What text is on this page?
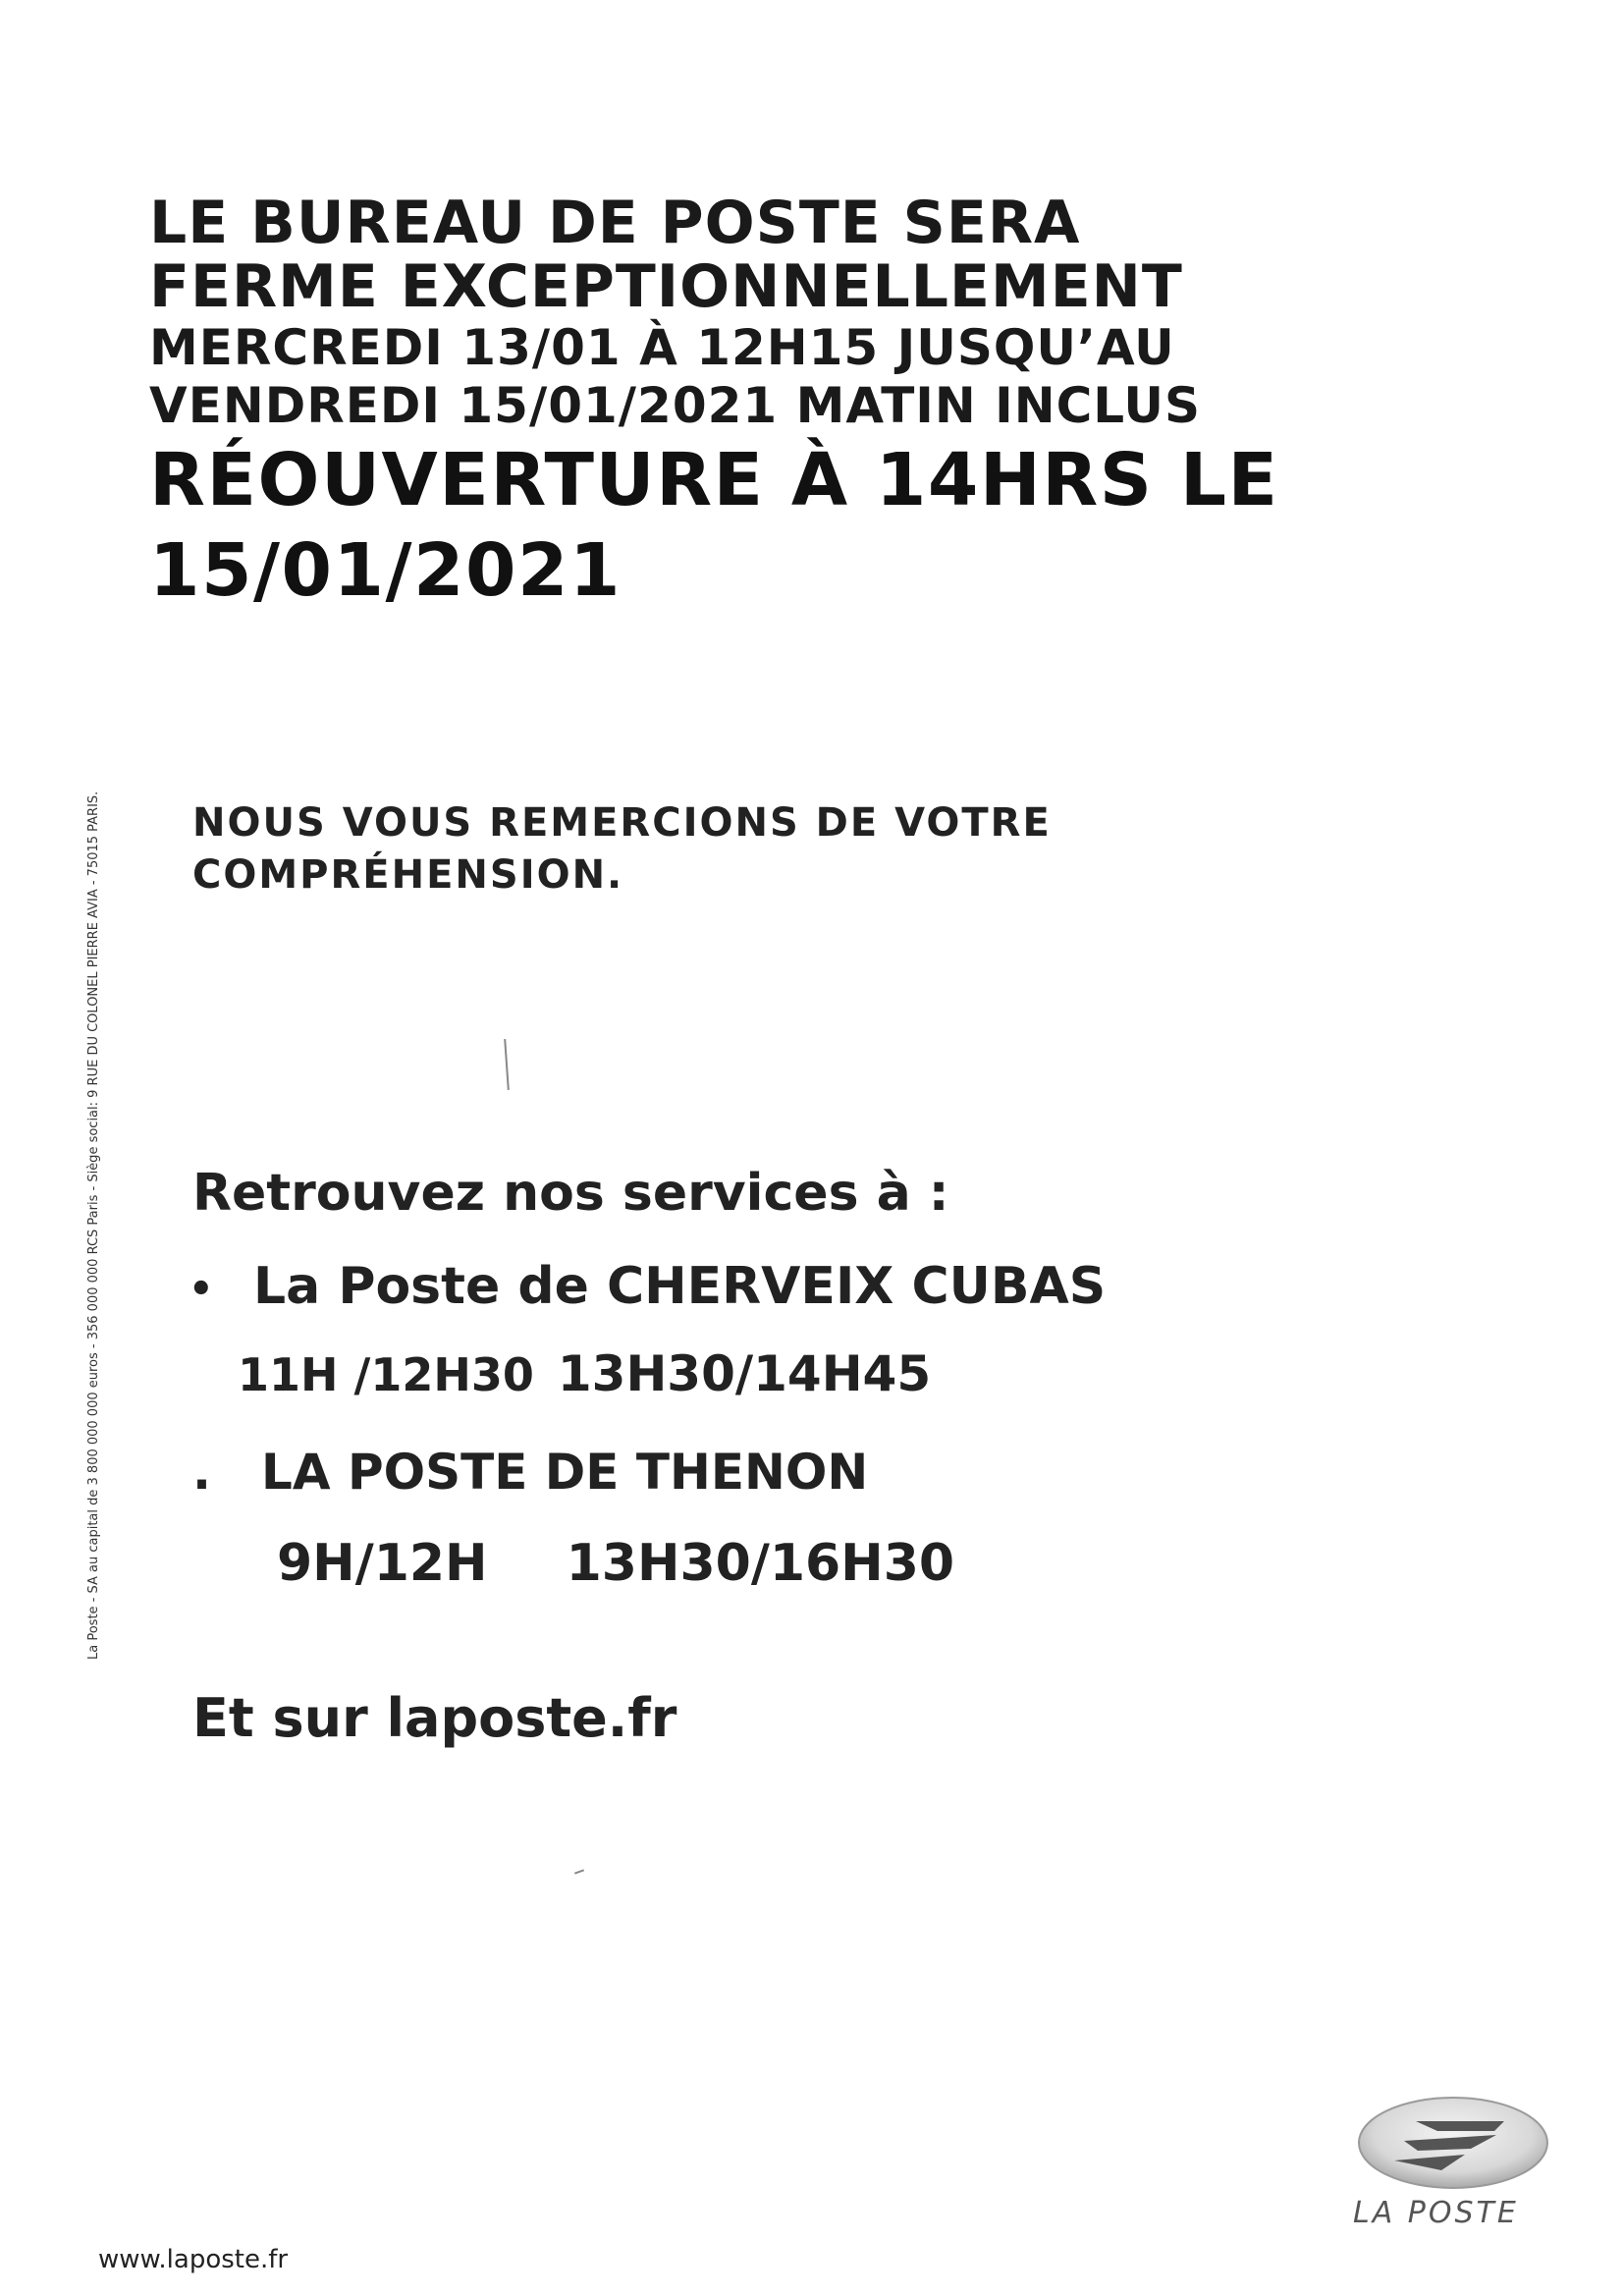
LE BUREAU DE POSTE SERA

FERME EXCEPTIONNELLEMENT

MERCREDI 13/01 À 12H15 JUSQU’AU

VENDREDI 15/01/2021 MATIN INCLUS

RÉOUVERTURE À 14HRS LE

15/01/2021

NOUS VOUS REMERCIONS DE VOTRE
COMPRÉHENSION.
Retrouvez nos services à :
• La Poste de CHERVEIX CUBAS
11H /12H30 13H30/14H45
. LA POSTE DE THENON
9H/12H 13H30/16H30
Et sur laposte.fr
La Poste - SA au capital de 3 800 000 000 euros - 356 000 000 RCS Paris - Siège social: 9 RUE DU COLONEL PIERRE AVIA - 75015 PARIS.
www.laposte.fr
LA POSTE
